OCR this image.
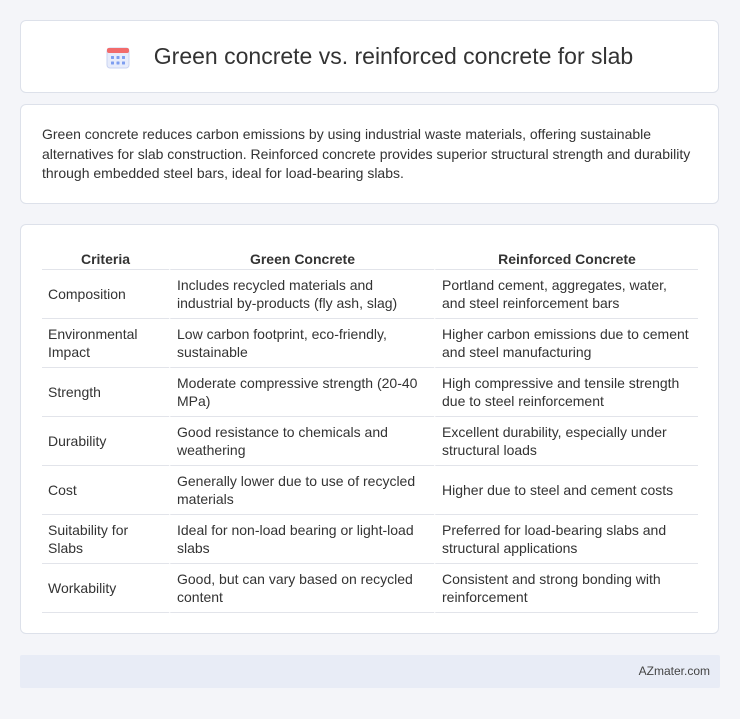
Green concrete vs. reinforced concrete for slab

Green concrete reduces carbon emissions by using industrial waste materials, offering sustainable alternatives for slab construction. Reinforced concrete provides superior structural strength and durability through embedded steel bars, ideal for load-bearing slabs.

Criteria	Green Concrete	Reinforced Concrete
Composition	Includes recycled materials and industrial by-products (fly ash, slag)	Portland cement, aggregates, water, and steel reinforcement bars
Environmental Impact	Low carbon footprint, eco-friendly, sustainable	Higher carbon emissions due to cement and steel manufacturing
Strength	Moderate compressive strength (20-40 MPa)	High compressive and tensile strength due to steel reinforcement
Durability	Good resistance to chemicals and weathering	Excellent durability, especially under structural loads
Cost	Generally lower due to use of recycled materials	Higher due to steel and cement costs
Suitability for Slabs	Ideal for non-load bearing or light-load slabs	Preferred for load-bearing slabs and structural applications
Workability	Good, but can vary based on recycled content	Consistent and strong bonding with reinforcement
AZmater.com
